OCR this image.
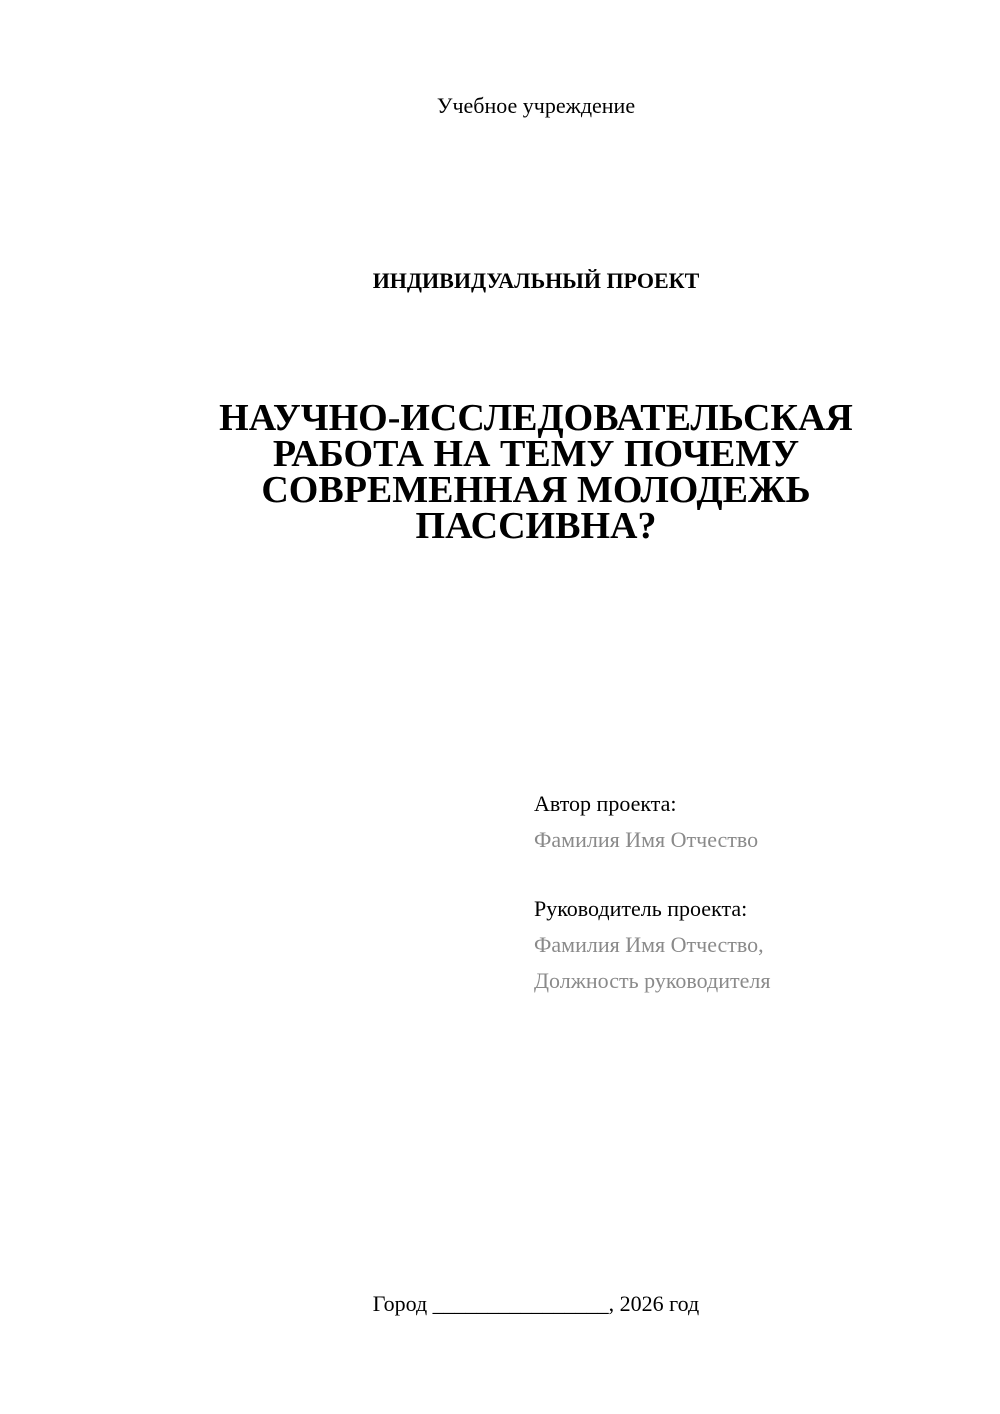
Учебное учреждение
ИНДИВИДУАЛЬНЫЙ ПРОЕКТ
НАУЧНО-ИССЛЕДОВАТЕЛЬСКАЯ
РАБОТА НА ТЕМУ ПОЧЕМУ
СОВРЕМЕННАЯ МОЛОДЕЖЬ
ПАССИВНА?
Автор проекта:
Фамилия Имя Отчество
Руководитель проекта:
Фамилия Имя Отчество,
Должность руководителя
Город ________________, 2026 год
